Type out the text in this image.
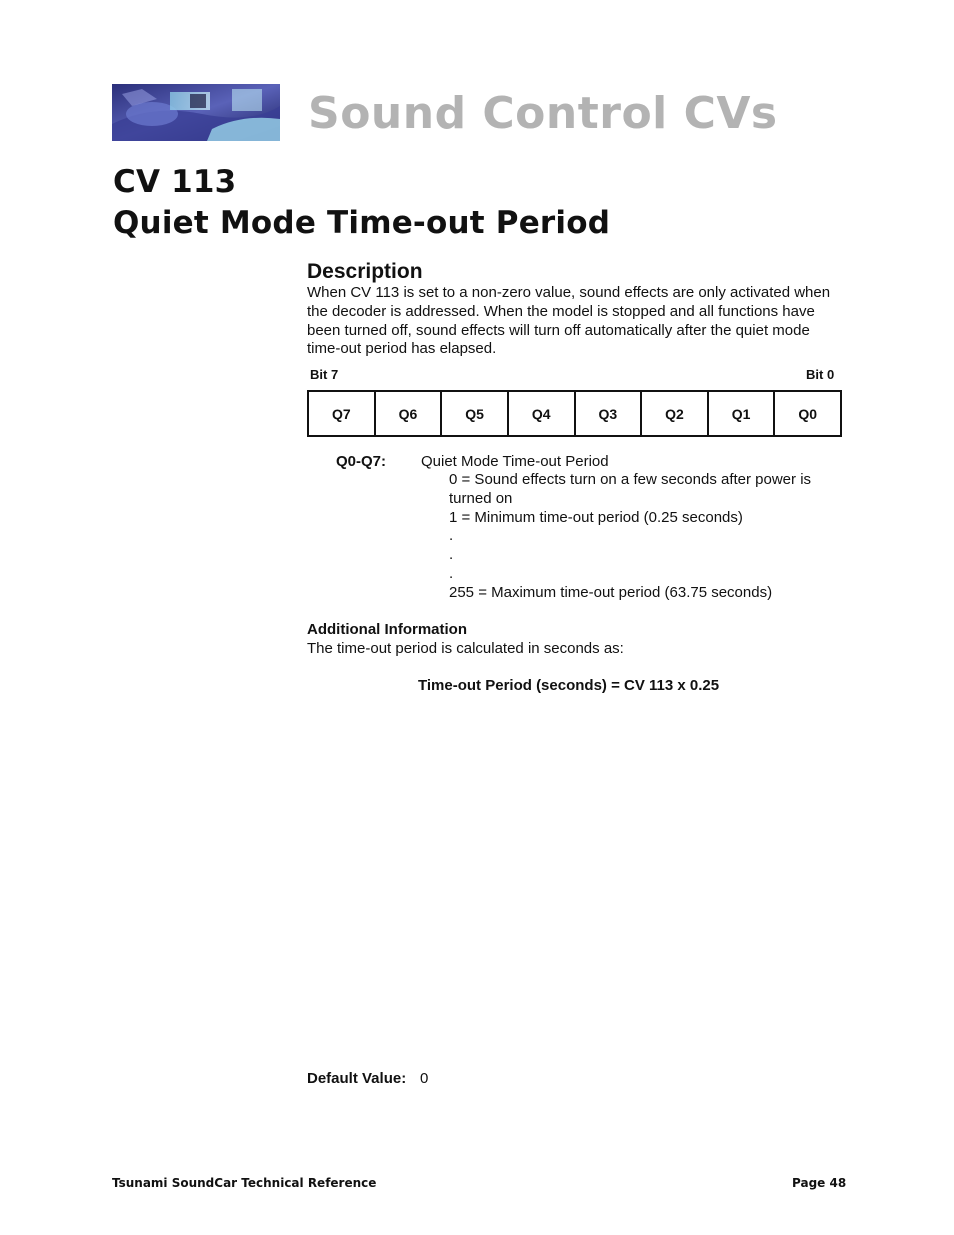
Sound Control CVs
CV 113
Quiet Mode Time-out Period
Description
When CV 113 is set to a non-zero value, sound effects are only activated when the decoder is addressed. When the model is stopped and all functions have been turned off, sound effects will turn off automatically after the quiet mode time-out period has elapsed.
Bit 7	Bit 0
Q7	Q6	Q5	Q4	Q3	Q2	Q1	Q0
Q0-Q7: Quiet Mode Time-out Period
0 = Sound effects turn on a few seconds after power is turned on
1 = Minimum time-out period (0.25 seconds)
.
.
.
255 = Maximum time-out period (63.75 seconds)
Additional Information
The time-out period is calculated in seconds as:
Time-out Period (seconds) = CV 113 x 0.25
Default Value: 0
Tsunami SoundCar Technical Reference	Page 48
